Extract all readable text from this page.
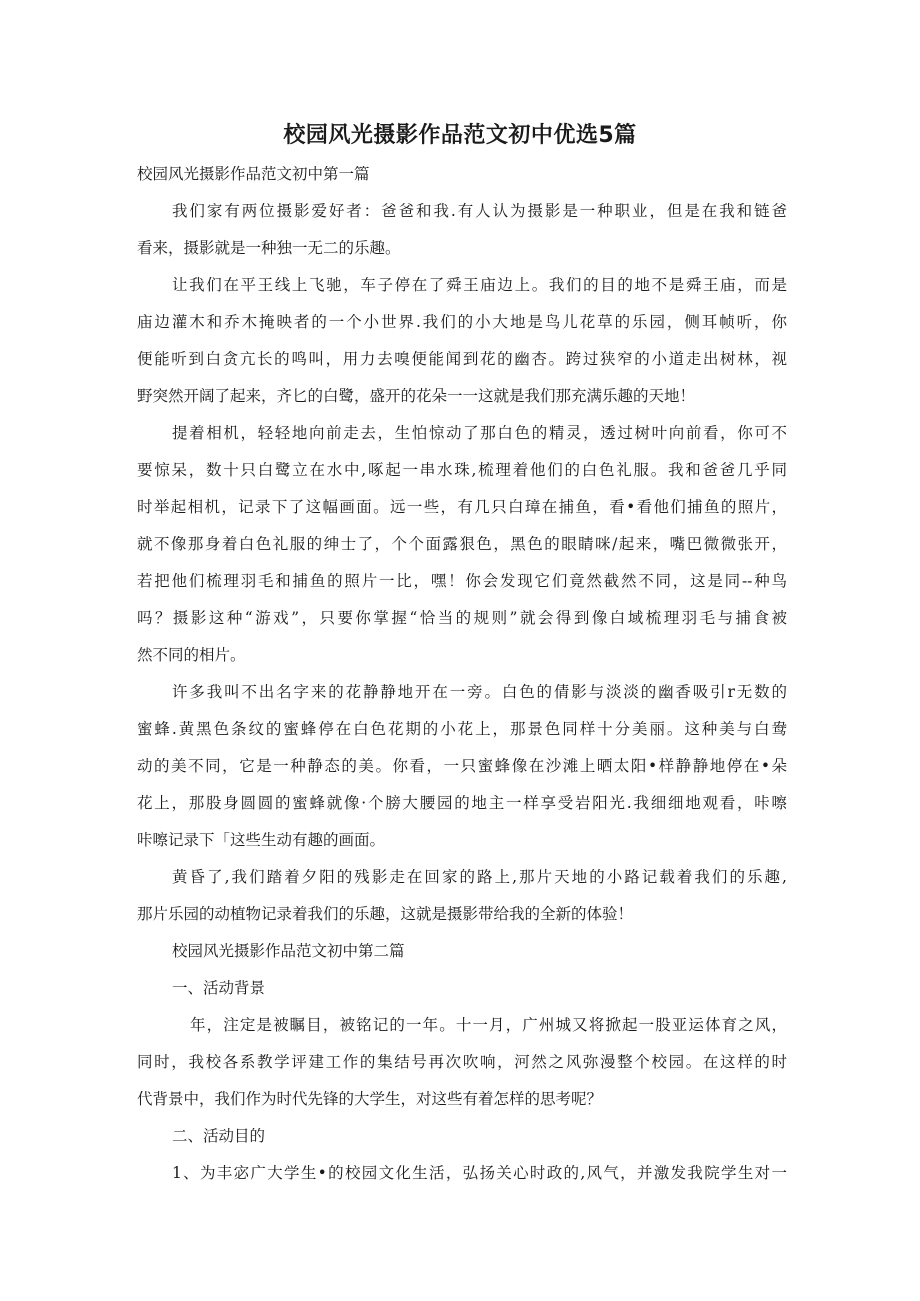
校园风光摄影作品范文初中优选5篇

校园风光摄影作品范文初中第一篇

我们家有两位摄影爱好者：爸爸和我.有人认为摄影是一种职业，但是在我和链爸

看来，摄影就是一种独一无二的乐趣。

让我们在平王线上飞驰，车子停在了舜王庙边上。我们的目的地不是舜王庙，而是

庙边灌木和乔木掩映者的一个小世界.我们的小大地是鸟儿花草的乐园，侧耳帧听，你

便能听到白贪亢长的鸣叫，用力去嗅便能闻到花的幽杏。跨过狭窄的小道走出树林，视

野突然开阔了起来，齐匕的白鹭，盛开的花朵一一这就是我们那充满乐趣的天地！

提着相机，轻轻地向前走去，生怕惊动了那白色的精灵，透过树叶向前看，你可不

要惊呆，数十只白鹭立在水中,啄起一串水珠,梳理着他们的白色礼服。我和爸爸几乎同

时举起相机，记录下了这幅画面。远一些，有几只白璋在捕鱼，看•看他们捕鱼的照片，

就不像那身着白色礼服的绅士了，个个面露狠色，黑色的眼睛咪/起来，嘴巴微微张开，

若把他们梳理羽毛和捕鱼的照片一比，嘿！你会发现它们竟然截然不同，这是同--种鸟

吗？摄影这种“游戏”，只要你掌握“恰当的规则”就会得到像白域梳理羽毛与捕食被

然不同的相片。

许多我叫不出名字来的花静静地开在一旁。白色的倩影与淡淡的幽香吸引r无数的

蜜蜂.黄黑色条纹的蜜蜂停在白色花期的小花上，那景色同样十分美丽。这种美与白鸯

动的美不同，它是一种静态的美。你看，一只蜜蜂像在沙滩上晒太阳•样静静地停在•朵

花上，那股身圆圆的蜜蜂就像·个膀大腰园的地主一样享受岩阳光.我细细地观看，咔嚓

咔嚓记录下「这些生动有趣的画面。

黄昏了,我们踏着夕阳的残影走在回家的路上,那片天地的小路记载着我们的乐趣,

那片乐园的动植物记录着我们的乐趣，这就是摄影带给我的全新的体验！

校园风光摄影作品范文初中第二篇

一、活动背景

年，注定是被瞩目，被铭记的一年。十一月，广州城又将掀起一股亚运体育之风，

同时，我校各系教学评建工作的集结号再次吹响，河然之风弥漫整个校园。在这样的时

代背景中，我们作为时代先锋的大学生，对这些有着怎样的思考呢？

二、活动目的

1、为丰宓广大学生•的校园文化生活，弘扬关心时政的,风气，并激发我院学生对一
